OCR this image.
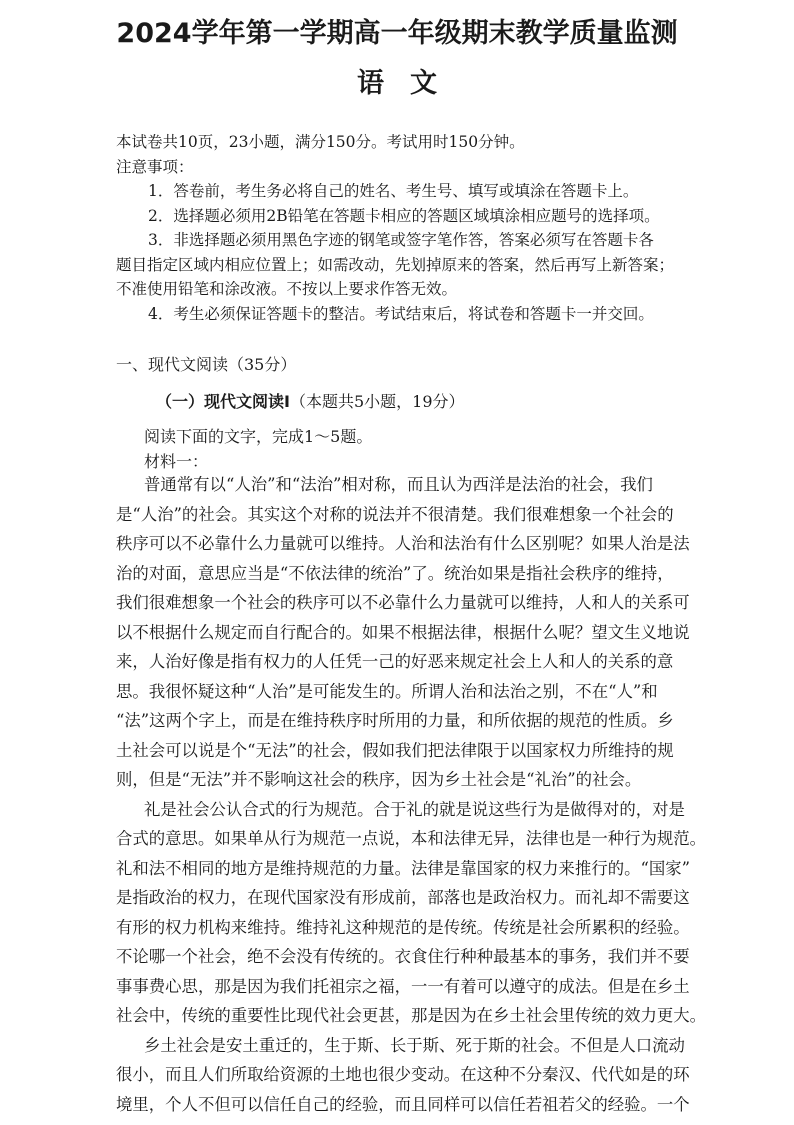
2024学年第一学期高一年级期末教学质量监测
语文
本试卷共10页，23小题，满分150分。考试用时150分钟。
注意事项：
1．答卷前，考生务必将自己的姓名、考生号、填写或填涂在答题卡上。
2．选择题必须用2B铅笔在答题卡相应的答题区域填涂相应题号的选择项。
3．非选择题必须用黑色字迹的钢笔或签字笔作答，答案必须写在答题卡各
题目指定区域内相应位置上；如需改动，先划掉原来的答案，然后再写上新答案；
不准使用铅笔和涂改液。不按以上要求作答无效。
4．考生必须保证答题卡的整洁。考试结束后，将试卷和答题卡一并交回。
一、现代文阅读（35分）
（一）现代文阅读Ⅰ（本题共5小题，19分）
阅读下面的文字，完成1～5题。
材料一：
普通常有以“人治”和“法治”相对称，而且认为西洋是法治的社会，我们
是“人治”的社会。其实这个对称的说法并不很清楚。我们很难想象一个社会的
秩序可以不必靠什么力量就可以维持。人治和法治有什么区别呢？如果人治是法
治的对面，意思应当是“不依法律的统治”了。统治如果是指社会秩序的维持，
我们很难想象一个社会的秩序可以不必靠什么力量就可以维持，人和人的关系可
以不根据什么规定而自行配合的。如果不根据法律，根据什么呢？望文生义地说
来，人治好像是指有权力的人任凭一己的好恶来规定社会上人和人的关系的意
思。我很怀疑这种“人治”是可能发生的。所谓人治和法治之别，不在“人”和
“法”这两个字上，而是在维持秩序时所用的力量，和所依据的规范的性质。乡
土社会可以说是个“无法”的社会，假如我们把法律限于以国家权力所维持的规
则，但是“无法”并不影响这社会的秩序，因为乡土社会是“礼治”的社会。
礼是社会公认合式的行为规范。合于礼的就是说这些行为是做得对的，对是
合式的意思。如果单从行为规范一点说，本和法律无异，法律也是一种行为规范。
礼和法不相同的地方是维持规范的力量。法律是靠国家的权力来推行的。“国家”
是指政治的权力，在现代国家没有形成前，部落也是政治权力。而礼却不需要这
有形的权力机构来维持。维持礼这种规范的是传统。传统是社会所累积的经验。
不论哪一个社会，绝不会没有传统的。衣食住行种种最基本的事务，我们并不要
事事费心思，那是因为我们托祖宗之福，一一有着可以遵守的成法。但是在乡土
社会中，传统的重要性比现代社会更甚，那是因为在乡土社会里传统的效力更大。
乡土社会是安土重迁的，生于斯、长于斯、死于斯的社会。不但是人口流动
很小，而且人们所取给资源的土地也很少变动。在这种不分秦汉、代代如是的环
境里，个人不但可以信任自己的经验，而且同样可以信任若祖若父的经验。一个
